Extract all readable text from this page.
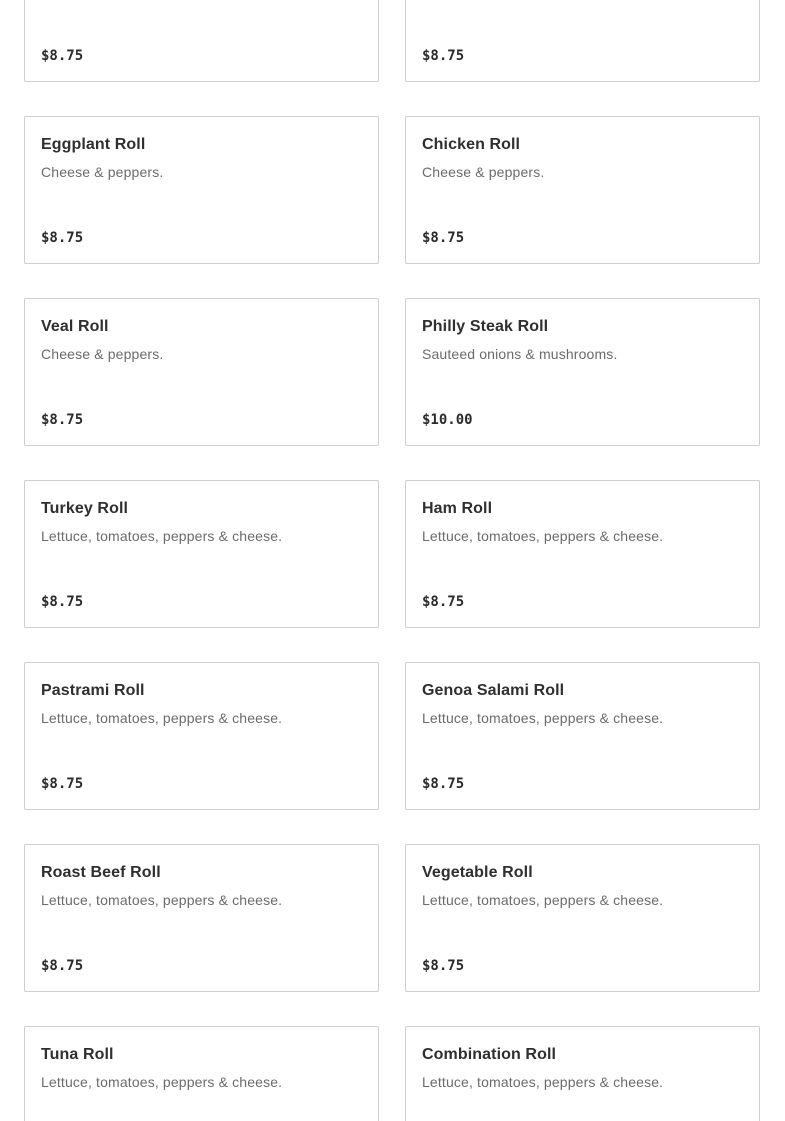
$8.75	$8.75
Eggplant Roll
Cheese & peppers.
$8.75
Chicken Roll
Cheese & peppers.
$8.75
Veal Roll
Cheese & peppers.
$8.75
Philly Steak Roll
Sauteed onions & mushrooms.
$10.00
Turkey Roll
Lettuce, tomatoes, peppers & cheese.
$8.75
Ham Roll
Lettuce, tomatoes, peppers & cheese.
$8.75
Pastrami Roll
Lettuce, tomatoes, peppers & cheese.
$8.75
Genoa Salami Roll
Lettuce, tomatoes, peppers & cheese.
$8.75
Roast Beef Roll
Lettuce, tomatoes, peppers & cheese.
$8.75
Vegetable Roll
Lettuce, tomatoes, peppers & cheese.
$8.75
Tuna Roll
Lettuce, tomatoes, peppers & cheese.
Combination Roll
Lettuce, tomatoes, peppers & cheese.
